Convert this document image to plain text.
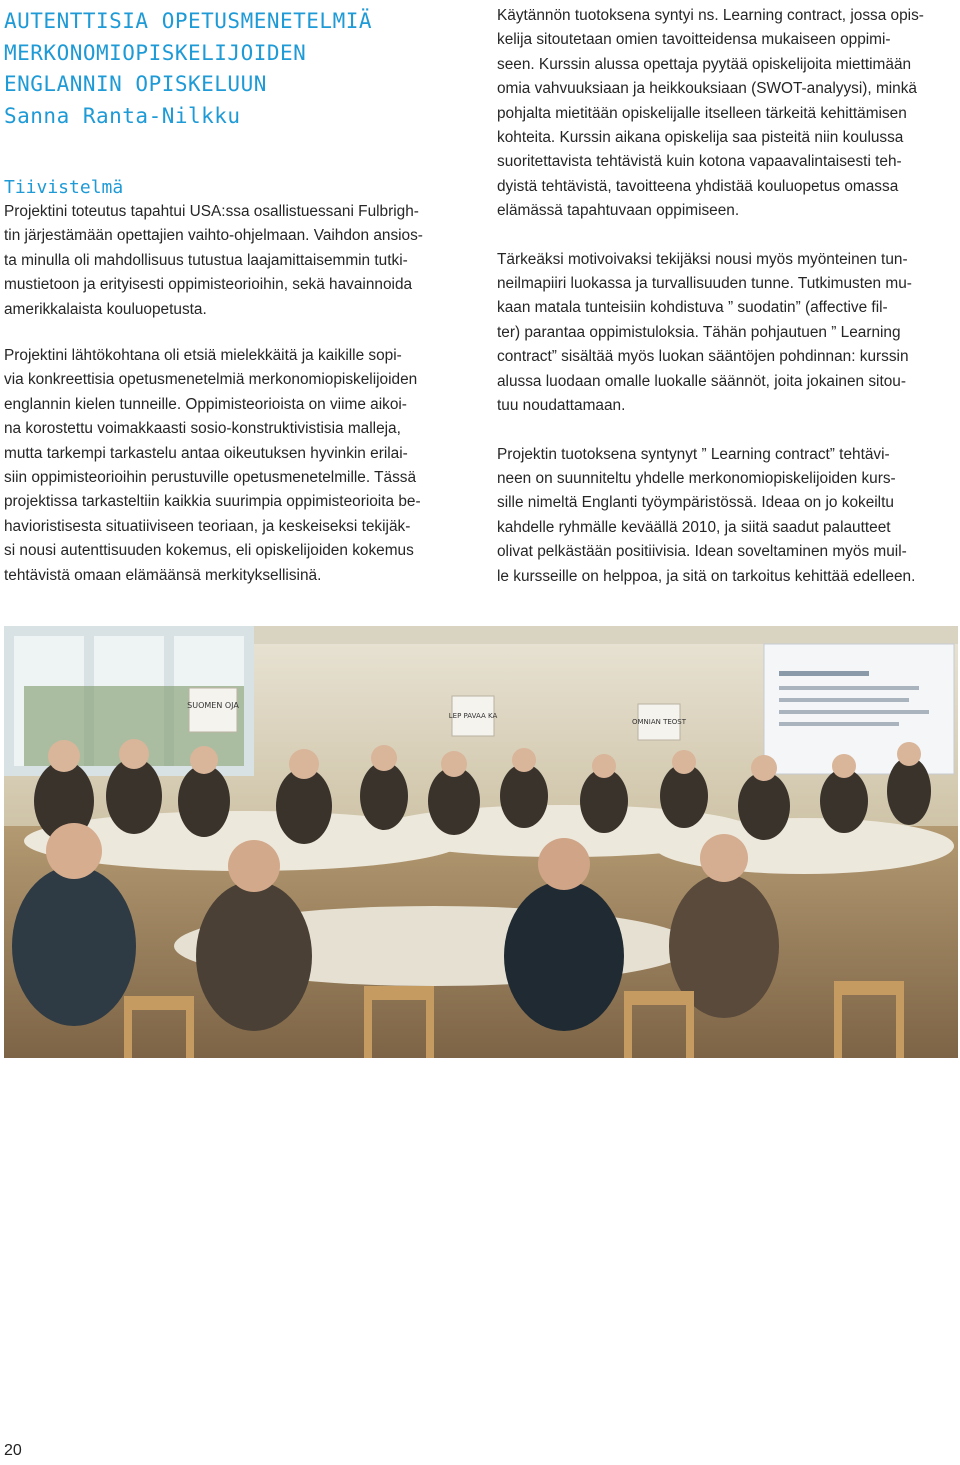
AUTENTTISIA OPETUSMENETELMIÄ
MERKONOMIOPISKELIJOIDEN
ENGLANNIN OPISKELUUN
Sanna Ranta-Nilkku
Tiivistelmä
Projektini toteutus tapahtui USA:ssa osallistuessani Fulbrigh-
tin järjestämään opettajien vaihto-ohjelmaan. Vaihdon ansios-
ta minulla oli mahdollisuus tutustua laajamittaisemmin tutki-
mustietoon ja erityisesti oppimisteorioihin, sekä havainnoida
amerikkalaista kouluopetusta.
Projektini lähtökohtana oli etsiä mielekkäitä ja kaikille sopi-
via konkreettisia opetusmenetelmiä merkonomiopiskelijoiden
englannin kielen tunneille. Oppimisteorioista on viime aikoi-
na korostettu voimakkaasti sosio-konstruktivistisia malleja,
mutta tarkempi tarkastelu antaa oikeutuksen hyvinkin erilai-
siin oppimisteorioihin perustuville opetusmenetelmille. Tässä
projektissa tarkasteltiin kaikkia suurimpia oppimisteorioita be-
havioristisesta situatiiviseen teoriaan, ja keskeiseksi tekijäk-
si nousi autenttisuuden kokemus, eli opiskelijoiden kokemus
tehtävistä omaan elämäänsä merkityksellisinä.
Käytännön tuotoksena syntyi ns. Learning contract, jossa opis-
kelija sitoutetaan omien tavoitteidensa mukaiseen oppimi-
seen. Kurssin alussa opettaja pyytää opiskelijoita miettimään
omia vahvuuksiaan ja heikkouksiaan (SWOT-analyysi), minkä
pohjalta mietitään opiskelijalle itselleen tärkeitä kehittämisen
kohteita. Kurssin aikana opiskelija saa pisteitä niin koulussa
suoritettavista tehtävistä kuin kotona vapaavalintaisesti teh-
dyistä tehtävistä, tavoitteena yhdistää kouluopetus omassa
elämässä tapahtuvaan oppimiseen.
Tärkeäksi motivoivaksi tekijäksi nousi myös myönteinen tun-
neilmapiiri luokassa ja turvallisuuden tunne. Tutkimusten mu-
kaan matala tunteisiin kohdistuva ” suodatin” (affective fil-
ter) parantaa oppimistuloksia. Tähän pohjautuen ” Learning
contract” sisältää myös luokan sääntöjen pohdinnan: kurssin
alussa luodaan omalle luokalle säännöt, joita jokainen sitou-
tuu noudattamaan.
Projektin tuotoksena syntynyt ” Learning contract” tehtävi-
neen on suunniteltu yhdelle merkonomiopiskelijoiden kurs-
sille nimeltä Englanti työympäristössä. Ideaa on jo kokeiltu
kahdelle ryhmälle keväällä 2010, ja siitä saadut palautteet
olivat pelkästään positiivisia. Idean soveltaminen myös muil-
le kursseille on helppoa, ja sitä on tarkoitus kehittää edelleen.
SUOMEN OJA
LEP PAVAA KA
OMNIAN TEOST
20
